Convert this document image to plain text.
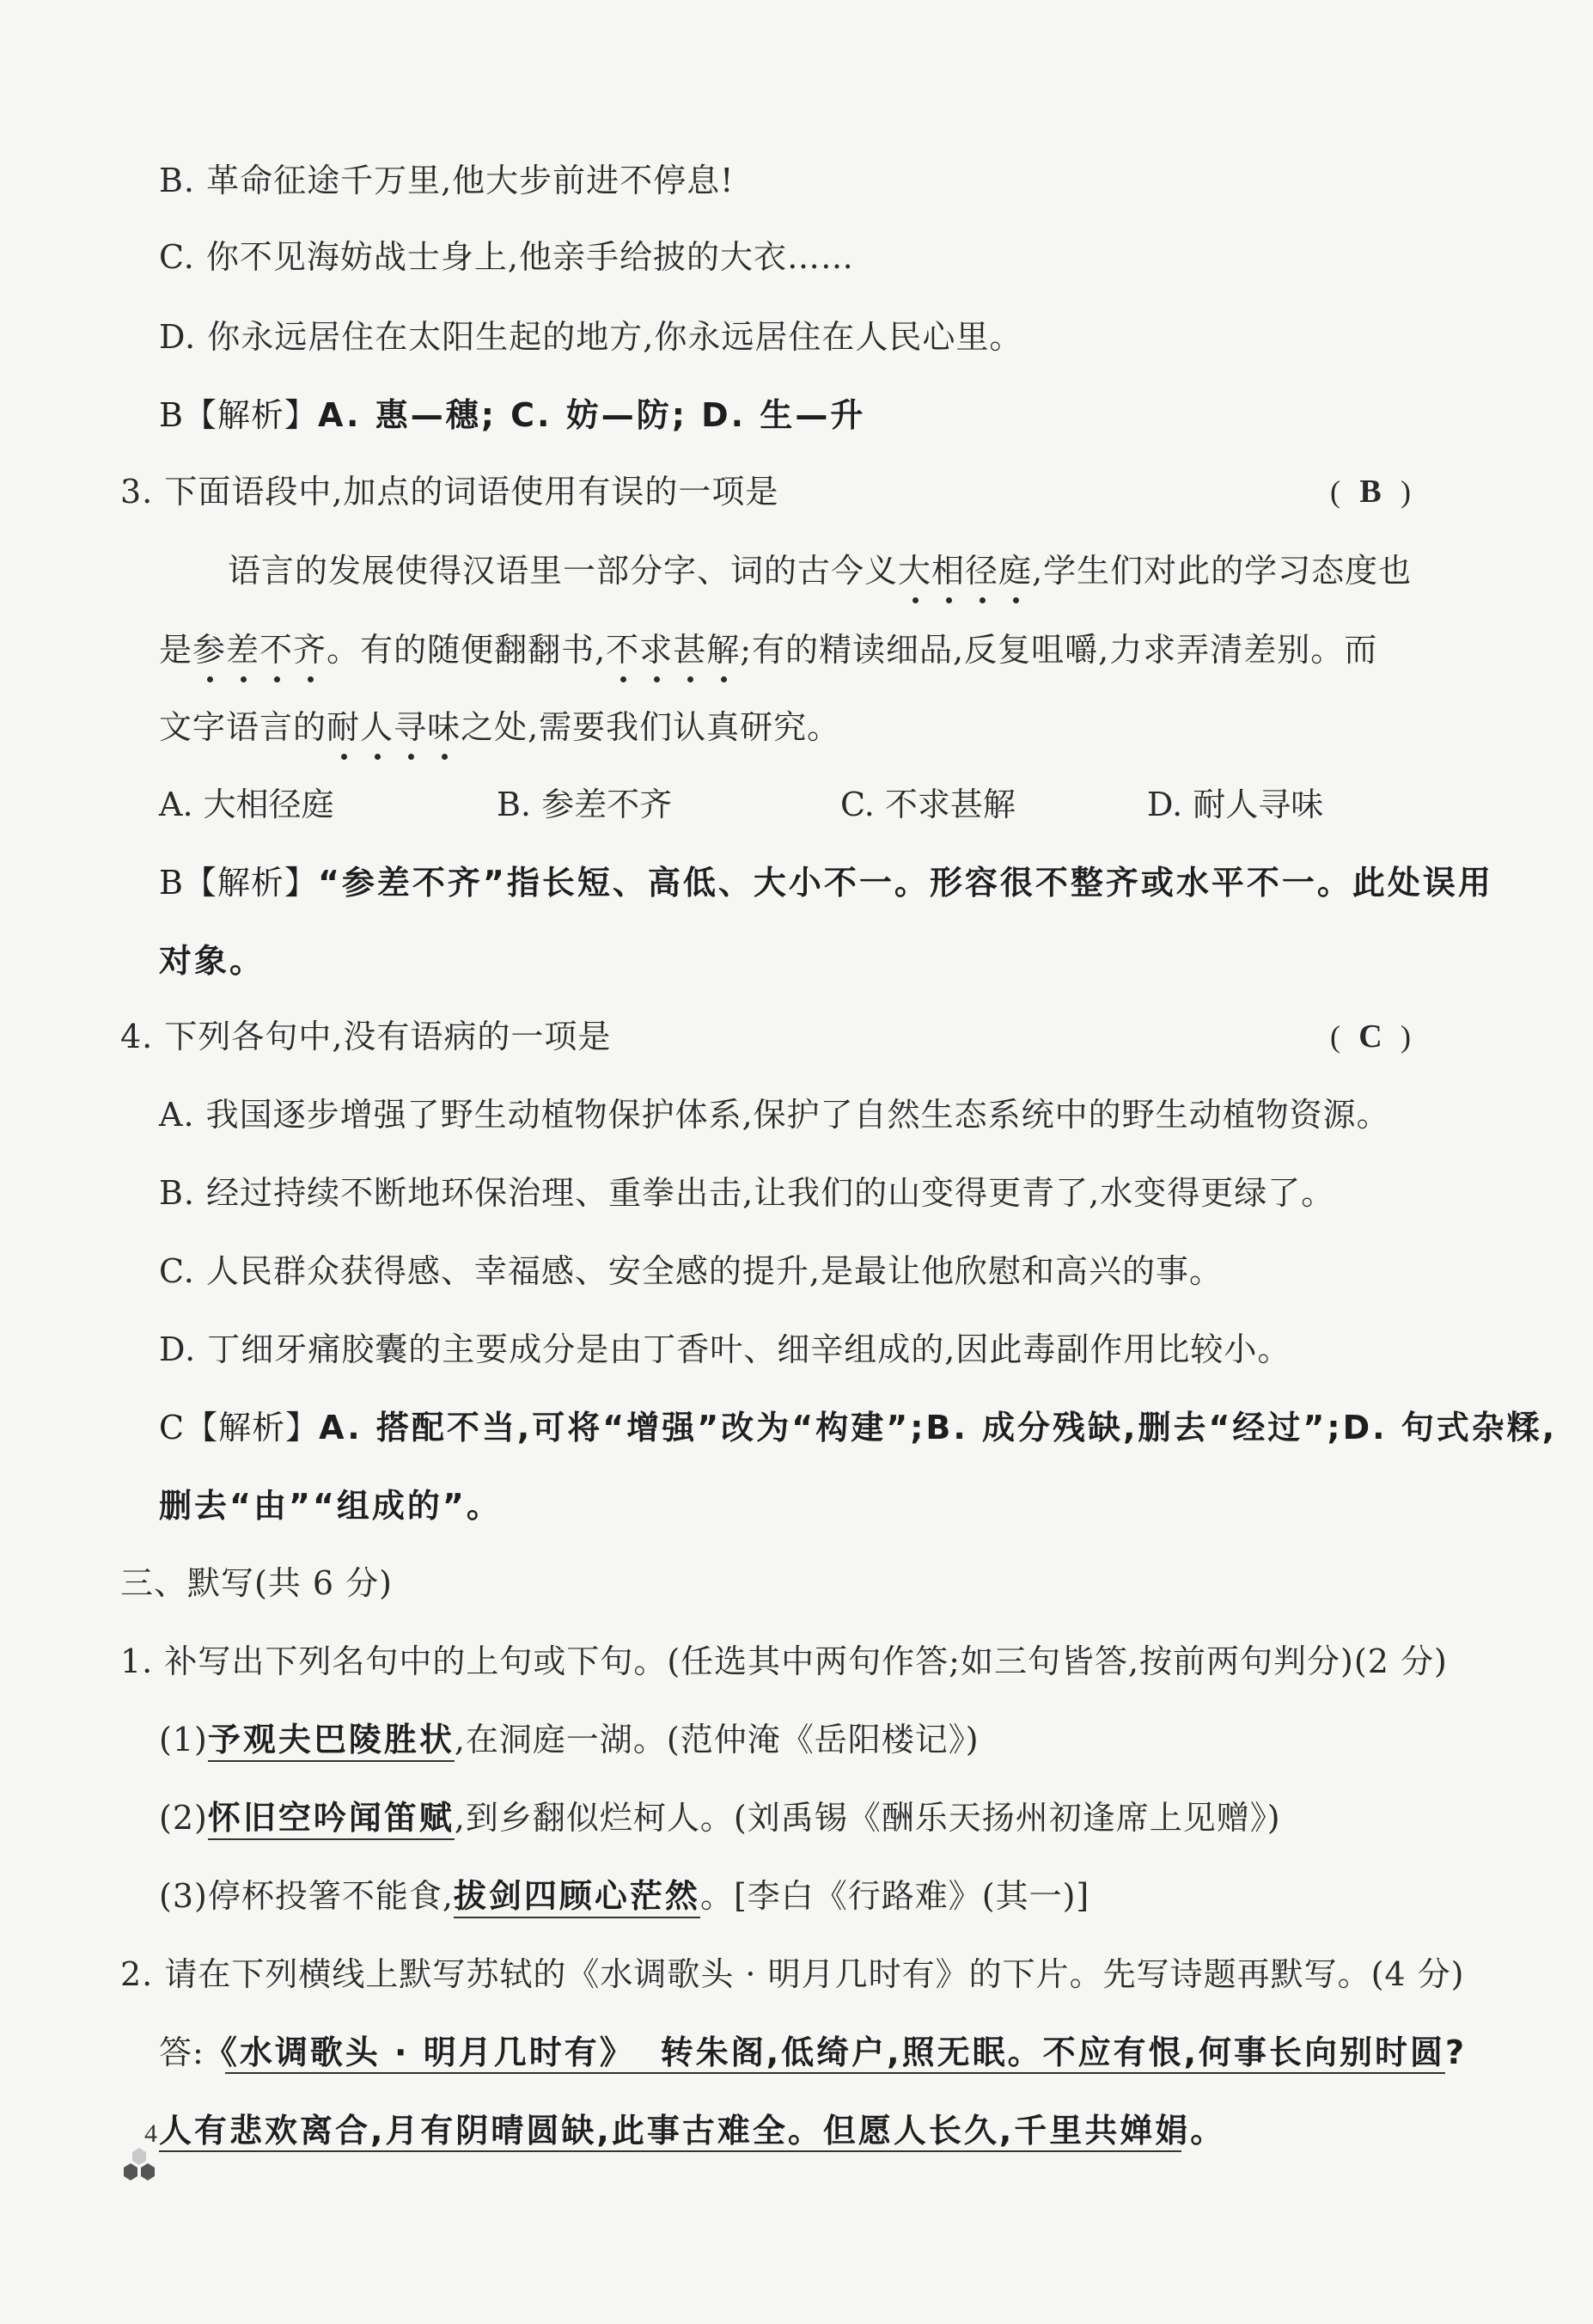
B. 革命征途千万里,他大步前进不停息!
C. 你不见海妨战士身上,他亲手给披的大衣……
D. 你永远居住在太阳生起的地方,你永远居住在人民心里。
B【解析】A. 惠—穗; C. 妨—防; D. 生—升
3. 下面语段中,加点的词语使用有误的一项是	( B )
语言的发展使得汉语里一部分字、词的古今义大相径庭,学生们对此的学习态度也
是参差不齐。有的随便翻翻书,不求甚解;有的精读细品,反复咀嚼,力求弄清差别。而
文字语言的耐人寻味之处,需要我们认真研究。
A. 大相径庭	B. 参差不齐	C. 不求甚解	D. 耐人寻味
B【解析】“参差不齐”指长短、高低、大小不一。形容很不整齐或水平不一。此处误用
对象。
4. 下列各句中,没有语病的一项是	( C )
A. 我国逐步增强了野生动植物保护体系,保护了自然生态系统中的野生动植物资源。
B. 经过持续不断地环保治理、重拳出击,让我们的山变得更青了,水变得更绿了。
C. 人民群众获得感、幸福感、安全感的提升,是最让他欣慰和高兴的事。
D. 丁细牙痛胶囊的主要成分是由丁香叶、细辛组成的,因此毒副作用比较小。
C【解析】A. 搭配不当,可将“增强”改为“构建”;B. 成分残缺,删去“经过”;D. 句式杂糅,
删去“由”“组成的”。
三、默写(共 6 分)
1. 补写出下列名句中的上句或下句。(任选其中两句作答;如三句皆答,按前两句判分)(2 分)
(1)予观夫巴陵胜状,在洞庭一湖。(范仲淹《岳阳楼记》)
(2)怀旧空吟闻笛赋,到乡翻似烂柯人。(刘禹锡《酬乐天扬州初逢席上见赠》)
(3)停杯投箸不能食,拔剑四顾心茫然。[李白《行路难》(其一)]
2. 请在下列横线上默写苏轼的《水调歌头 · 明月几时有》的下片。先写诗题再默写。(4 分)
答:《水调歌头 · 明月几时有》 转朱阁,低绮户,照无眠。不应有恨,何事长向别时圆?
人有悲欢离合,月有阴晴圆缺,此事古难全。但愿人长久,千里共婵娟。
4
